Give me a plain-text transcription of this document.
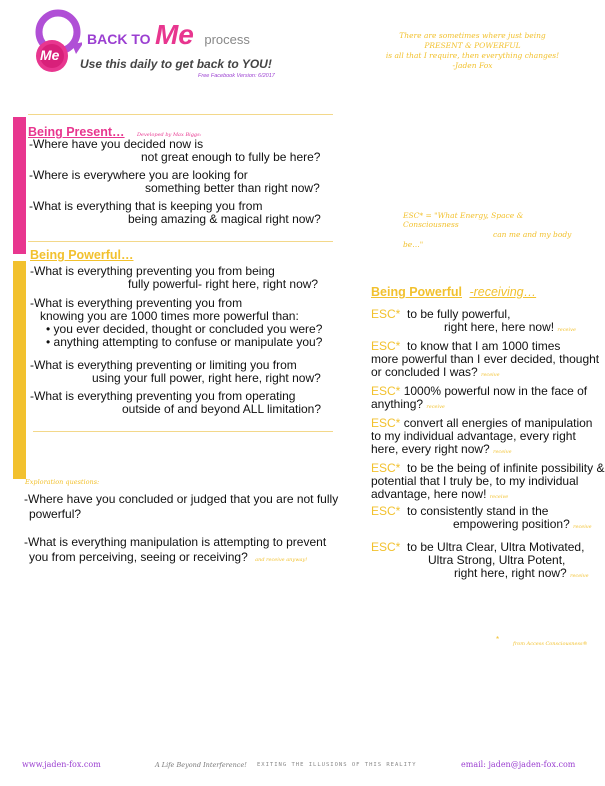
Me
BACK TO Me process
Use this daily to get back to YOU!
Free Facebook Version: 6/2017
There are sometimes where just being
PRESENT & POWERFUL
is all that I require, then everything changes!
-Jaden Fox
Being Present… Developed by Max Biggs:
-Where have you decided now is
not great enough to fully be here?
-Where is everywhere you are looking for
something better than right now?
-What is everything that is keeping you from
being amazing & magical right now?	ESC* = "What Energy, Space &
Consciousness
can me and my body
be…"
Being Powerful…
-What is everything preventing you from being
fully powerful- right here, right now?
-What is everything preventing you from
knowing you are 1000 times more powerful than:
• you ever decided, thought or concluded you were?
• anything attempting to confuse or manipulate you?
-What is everything preventing or limiting you from
using your full power, right here, right now?
-What is everything preventing you from operating
outside of and beyond ALL limitation?
Exploration questions:
-Where have you concluded or judged that you are not fully
powerful?
-What is everything manipulation is attempting to prevent
you from perceiving, seeing or receiving? and receive anyway!
Being Powerful -receiving…
ESC* to be fully powerful,
right here, here now! receive
ESC* to know that I am 1000 times
more powerful than I ever decided, thought
or concluded I was? receive
ESC* 1000% powerful now in the face of
anything? receive
ESC* convert all energies of manipulation
to my individual advantage, every right
here, every right now? receive
ESC* to be the being of infinite possibility &
potential that I truly be, to my individual
advantage, here now! receive
ESC* to consistently stand in the
empowering position? receive
ESC* to be Ultra Clear, Ultra Motivated,
Ultra Strong, Ultra Potent,
right here, right now? receive
*	from Access Consciousness®
www.jaden-fox.com	A Life Beyond Interference! EXITING THE ILLUSIONS OF THIS REALITY	email: jaden@jaden-fox.com
